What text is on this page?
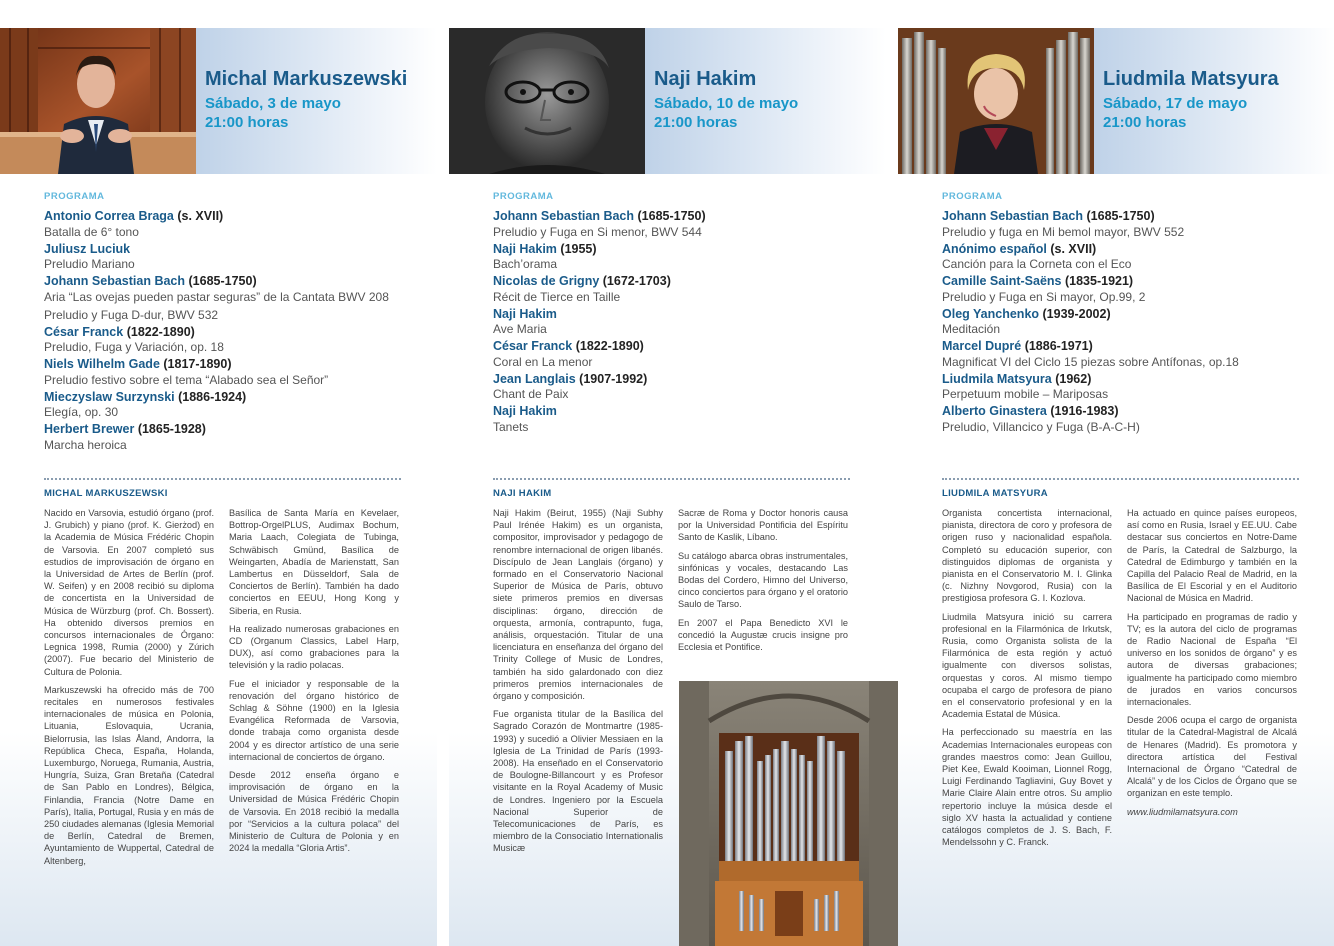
Michal Markuszewski

Sábado, 3 de mayo

21:00 horas

PROGRAMA

Antonio Correa Braga (s. XVII)
Batalla de 6° tono
Juliusz Luciuk
Preludio Mariano
Johann Sebastian Bach (1685-1750)
Aria “Las ovejas pueden pastar seguras” de la Cantata BWV 208
Preludio y Fuga D-dur, BWV 532
César Franck (1822-1890)
Preludio, Fuga y Variación, op. 18
Niels Wilhelm Gade (1817-1890)
Preludio festivo sobre el tema “Alabado sea el Señor”
Mieczyslaw Surzynski (1886-1924)
Elegía, op. 30
Herbert Brewer (1865-1928)
Marcha heroica

MICHAL MARKUSZEWSKI

Nacido en Varsovia, estudió órgano (prof. J. Grubich) y piano (prof. K. Gierżod) en la Academia de Música Frédéric Chopin de Varsovia. En 2007 completó sus estudios de improvisación de órgano en la Universidad de Artes de Berlín (prof. W. Seifen) y en 2008 recibió su diploma de concertista en la Universidad de Música de Würzburg (prof. Ch. Bossert). Ha obtenido diversos premios en concursos internacionales de Órgano: Legnica 1998, Rumia (2000) y Zúrich (2007). Fue becario del Ministerio de Cultura de Polonia.

Markuszewski ha ofrecido más de 700 recitales en numerosos festivales internacionales de música en Polonia, Lituania, Eslovaquia, Ucrania, Bielorrusia, las Islas Åland, Andorra, la República Checa, España, Holanda, Luxemburgo, Noruega, Rumania, Austria, Hungría, Suiza, Gran Bretaña (Catedral de San Pablo en Londres), Bélgica, Finlandia, Francia (Notre Dame en París), Italia, Portugal, Rusia y en más de 250 ciudades alemanas (Iglesia Memorial de Berlín, Catedral de Bremen, Ayuntamiento de Wuppertal, Catedral de Altenberg,

Basílica de Santa María en Kevelaer, Bottrop-OrgelPLUS, Audimax Bochum, Maria Laach, Colegiata de Tubinga, Schwäbisch Gmünd, Basílica de Weingarten, Abadía de Marienstatt, San Lambertus en Düsseldorf, Sala de Conciertos de Berlín). También ha dado conciertos en EEUU, Hong Kong y Siberia, en Rusia.

Ha realizado numerosas grabaciones en CD (Organum Classics, Label Harp, DUX), así como grabaciones para la televisión y la radio polacas.

Fue el iniciador y responsable de la renovación del órgano histórico de Schlag & Söhne (1900) en la Iglesia Evangélica Reformada de Varsovia, donde trabaja como organista desde 2004 y es director artístico de una serie internacional de conciertos de órgano.

Desde 2012 enseña órgano e improvisación de órgano en la Universidad de Música Frédéric Chopin de Varsovia. En 2018 recibió la medalla por “Servicios a la cultura polaca” del Ministerio de Cultura de Polonia y en 2024 la medalla “Gloria Artis”.

Naji Hakim

Sábado, 10 de mayo

21:00 horas

PROGRAMA

Johann Sebastian Bach (1685-1750)
Preludio y Fuga en Si menor, BWV 544
Naji Hakim (1955)
Bach’orama
Nicolas de Grigny (1672-1703)
Récit de Tierce en Taille
Naji Hakim
Ave Maria
César Franck (1822-1890)
Coral en La menor
Jean Langlais (1907-1992)
Chant de Paix
Naji Hakim
Tanets

NAJI HAKIM

Naji Hakim (Beirut, 1955) (Naji Subhy Paul Irénée Hakim) es un organista, compositor, improvisador y pedagogo de renombre internacional de origen libanés. Discípulo de Jean Langlais (órgano) y formado en el Conservatorio Nacional Superior de Música de París, obtuvo siete primeros premios en diversas disciplinas: órgano, dirección de orquesta, armonía, contrapunto, fuga, análisis, orquestación. Titular de una licenciatura en enseñanza del órgano del Trinity College of Music de Londres, también ha sido galardonado con diez primeros premios internacionales de órgano y composición.

Fue organista titular de la Basílica del Sagrado Corazón de Montmartre (1985-1993) y sucedió a Olivier Messiaen en la Iglesia de La Trinidad de París (1993-2008). Ha enseñado en el Conservatorio de Boulogne-Billancourt y es Profesor visitante en la Royal Academy of Music de Londres. Ingeniero por la Escuela Nacional Superior de Telecomunicaciones de París, es miembro de la Consociatio Internationalis Musicæ

Sacræ de Roma y Doctor honoris causa por la Universidad Pontificia del Espíritu Santo de Kaslik, Líbano.

Su catálogo abarca obras instrumentales, sinfónicas y vocales, destacando Las Bodas del Cordero, Himno del Universo, cinco conciertos para órgano y el oratorio Saulo de Tarso.

En 2007 el Papa Benedicto XVI le concedió la Augustæ crucis insigne pro Ecclesia et Pontifice.

Liudmila Matsyura

Sábado, 17 de mayo

21:00 horas

PROGRAMA

Johann Sebastian Bach (1685-1750)
Preludio y fuga en Mi bemol mayor, BWV 552
Anónimo español (s. XVII)
Canción para la Corneta con el Eco
Camille Saint-Saëns (1835-1921)
Preludio y Fuga en Si mayor, Op.99, 2
Oleg Yanchenko (1939-2002)
Meditación
Marcel Dupré (1886-1971)
Magnificat VI del Ciclo 15 piezas sobre Antífonas, op.18
Liudmila Matsyura (1962)
Perpetuum mobile – Mariposas
Alberto Ginastera (1916-1983)
Preludio, Villancico y Fuga (B-A-C-H)

LIUDMILA MATSYURA

Organista concertista internacional, pianista, directora de coro y profesora de origen ruso y nacionalidad española. Completó su educación superior, con distinguidos diplomas de organista y pianista en el Conservatorio M. I. Glinka (c. Nizhny Novgorod, Rusia) con la prestigiosa profesora G. I. Kozlova.

Liudmila Matsyura inició su carrera profesional en la Filarmónica de Irkutsk, Rusia, como Organista solista de la Filarmónica de esta región y actuó igualmente con diversos solistas, orquestas y coros. Al mismo tiempo ocupaba el cargo de profesora de piano en el conservatorio profesional y en la Academia Estatal de Música.

Ha perfeccionado su maestría en las Academias Internacionales europeas con grandes maestros como: Jean Guillou, Piet Kee, Ewald Kooiman, Lionnel Rogg, Luigi Ferdinando Tagliavini, Guy Bovet y Marie Claire Alain entre otros. Su amplio repertorio incluye la música desde el siglo XV hasta la actualidad y contiene catálogos completos de J. S. Bach, F. Mendelssohn y C. Franck.

Ha actuado en quince países europeos, así como en Rusia, Israel y EE.UU. Cabe destacar sus conciertos en Notre-Dame de París, la Catedral de Salzburgo, la Catedral de Edimburgo y también en la Capilla del Palacio Real de Madrid, en la Basílica de El Escorial y en el Auditorio Nacional de Música en Madrid.

Ha participado en programas de radio y TV; es la autora del ciclo de programas de Radio Nacional de España “El universo en los sonidos de órgano” y es autora de diversas grabaciones; igualmente ha participado como miembro de jurados en varios concursos internacionales.

Desde 2006 ocupa el cargo de organista titular de la Catedral-Magistral de Alcalá de Henares (Madrid). Es promotora y directora artística del Festival Internacional de Órgano “Catedral de Alcalá” y de los Ciclos de Órgano que se organizan en este templo.

www.liudmilamatsyura.com
